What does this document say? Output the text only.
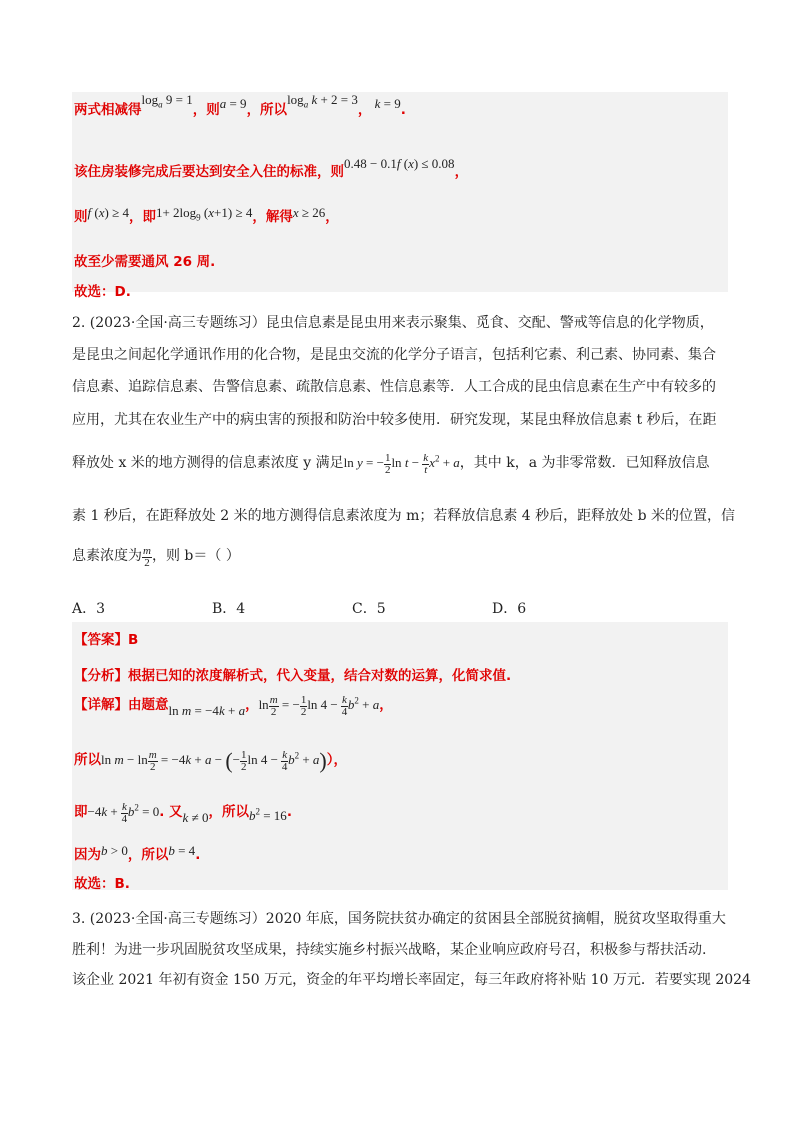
两式相减得$\log_a 9 = 1$，则a = 9，所以$\log_a k + 2 = 3$， k = 9.
该住房装修完成后要达到安全入住的标准，则0.48 − 0.1f (x) ≤ 0.08，
则f (x) ≥ 4，即$1+ 2\log_9$ (x+1) ≥ 4，解得x ≥ 26，
故至少需要通风 26 周.
故选：D.
2. (2023·全国·高三专题练习）昆虫信息素是昆虫用来表示聚集、觅食、交配、警戒等信息的化学物质，
是昆虫之间起化学通讯作用的化合物，是昆虫交流的化学分子语言，包括利它素、利己素、协同素、集合
信息素、追踪信息素、告警信息素、疏散信息素、性信息素等．人工合成的昆虫信息素在生产中有较多的
应用，尤其在农业生产中的病虫害的预报和防治中较多使用．研究发现，某昆虫释放信息素 t 秒后，在距
释放处 x 米的地方测得的信息素浓度 y 满足ln y = − $\frac{1}{2}$ $\ln t - \frac{k}{t} x^2 + a$，其中 k，a 为非零常数．已知释放信息
素 1 秒后，在距释放处 2 米的地方测得信息素浓度为 m；若释放信息素 4 秒后，距释放处 b 米的位置，信
息素浓度为 $\frac{m}{2}$ ，则 b＝（ ）
A．3	B．4	C．5	D．6
【答案】B
【分析】根据已知的浓度解析式，代入变量，结合对数的运算，化简求值.
【详解】由题意ln m = −4k + a，$\ln \frac{m}{2}$ = − $\frac{1}{2}$ $\ln 4 - \frac{k}{4} b^2 + a$，
所以$\ln m - \ln \frac{m}{2} = -4k + a$ − (− $\frac{1}{2}$ $\ln 4 - \frac{k}{4} b^2 + a$)），
即$-4k + \frac{k}{4} b^2 = 0$. 又k ≠ 0，所以$b^2 = 16$.
因为b > 0，所以b = 4.
故选：B.
3. (2023·全国·高三专题练习）2020 年底，国务院扶贫办确定的贫困县全部脱贫摘帽，脱贫攻坚取得重大
胜利！为进一步巩固脱贫攻坚成果，持续实施乡村振兴战略，某企业响应政府号召，积极参与帮扶活动.
该企业 2021 年初有资金 150 万元，资金的年平均增长率固定，每三年政府将补贴 10 万元．若要实现 2024
